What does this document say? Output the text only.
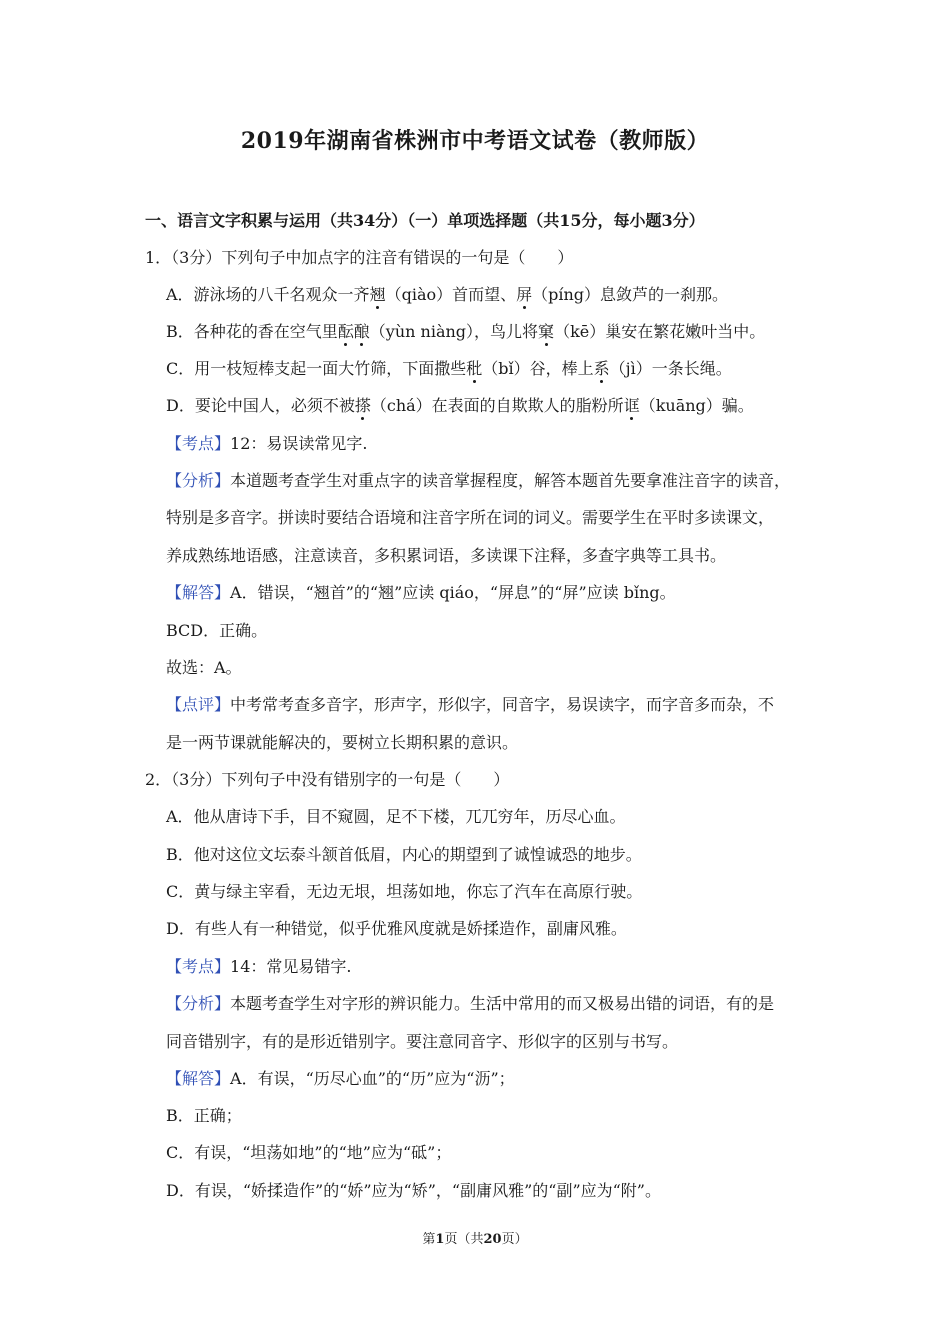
2019年湖南省株洲市中考语文试卷（教师版）
一、语言文字积累与运用（共34分）（一）单项选择题（共15分，每小题3分）
1．（3分）下列句子中加点字的注音有错误的一句是（　　）
A．游泳场的八千名观众一齐翘（qiào）首而望、屏（píng）息敛芦的一刹那。
B．各种花的香在空气里酝酿（yùn niàng），鸟儿将窠（kē）巢安在繁花嫩叶当中。
C．用一枝短棒支起一面大竹筛，下面撒些秕（bǐ）谷，棒上系（jì）一条长绳。
D．要论中国人，必须不被搽（chá）在表面的自欺欺人的脂粉所诓（kuāng）骗。
【考点】12：易误读常见字.
【分析】本道题考查学生对重点字的读音掌握程度，解答本题首先要拿准注音字的读音，
特别是多音字。拼读时要结合语境和注音字所在词的词义。需要学生在平时多读课文，
养成熟练地语感，注意读音，多积累词语，多读课下注释，多查字典等工具书。
【解答】A．错误，“翘首”的“翘”应读 qiáo，“屏息”的“屏”应读 bǐng。
BCD．正确。
故选：A。
【点评】中考常考查多音字，形声字，形似字，同音字，易误读字，而字音多而杂，不
是一两节课就能解决的，要树立长期积累的意识。
2．（3分）下列句子中没有错别字的一句是（　　）
A．他从唐诗下手，目不窥圆，足不下楼，兀兀穷年，历尽心血。
B．他对这位文坛泰斗颔首低眉，内心的期望到了诚惶诚恐的地步。
C．黄与绿主宰看，无边无垠，坦荡如地，你忘了汽车在高原行驶。
D．有些人有一种错觉，似乎优雅风度就是娇揉造作，副庸风雅。
【考点】14：常见易错字.
【分析】本题考查学生对字形的辨识能力。生活中常用的而又极易出错的词语，有的是
同音错别字，有的是形近错别字。要注意同音字、形似字的区别与书写。
【解答】A．有误，“历尽心血”的“历”应为“沥”；
B．正确；
C．有误，“坦荡如地”的“地”应为“砥”；
D．有误，“娇揉造作”的“娇”应为“矫”，“副庸风雅”的“副”应为“附”。
第1页（共20页）
